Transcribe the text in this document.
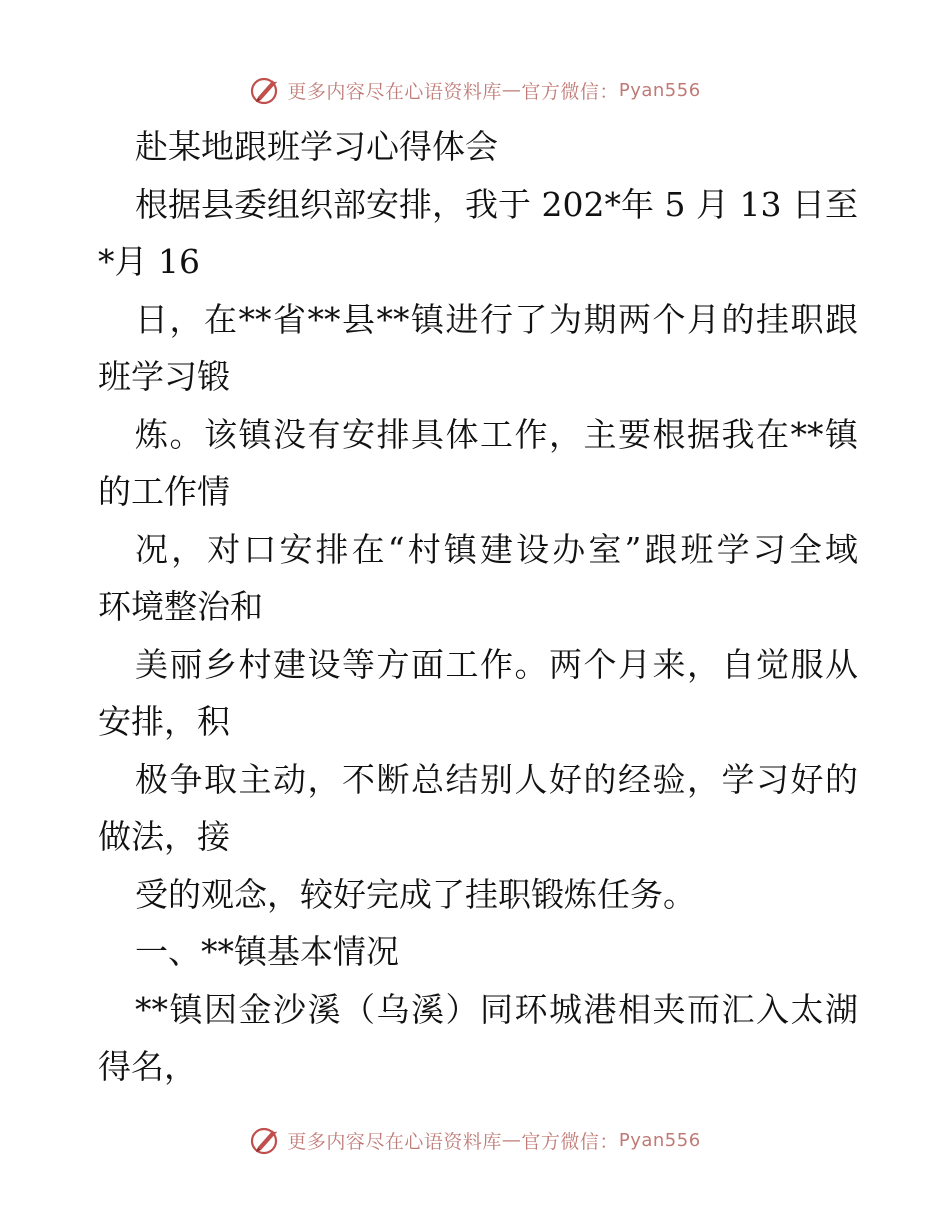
更多内容尽在心语资料库 — 官方微信： Pyan556
赴某地跟班学习心得体会
根据县委组织部安排，我于 202*年 5 月 13 日至
*月 16
日，在**省**县**镇进行了为期两个月的挂职跟
班学习锻
炼。该镇没有安排具体工作，主要根据我在**镇
的工作情
况，对口安排在“村镇建设办室”跟班学习全域
环境整治和
美丽乡村建设等方面工作。两个月来，自觉服从
安排，积
极争取主动，不断总结别人好的经验，学习好的
做法，接
受的观念，较好完成了挂职锻炼任务。
一、**镇基本情况
**镇因金沙溪（乌溪）同环城港相夹而汇入太湖
得名，
更多内容尽在心语资料库 — 官方微信： Pyan556
